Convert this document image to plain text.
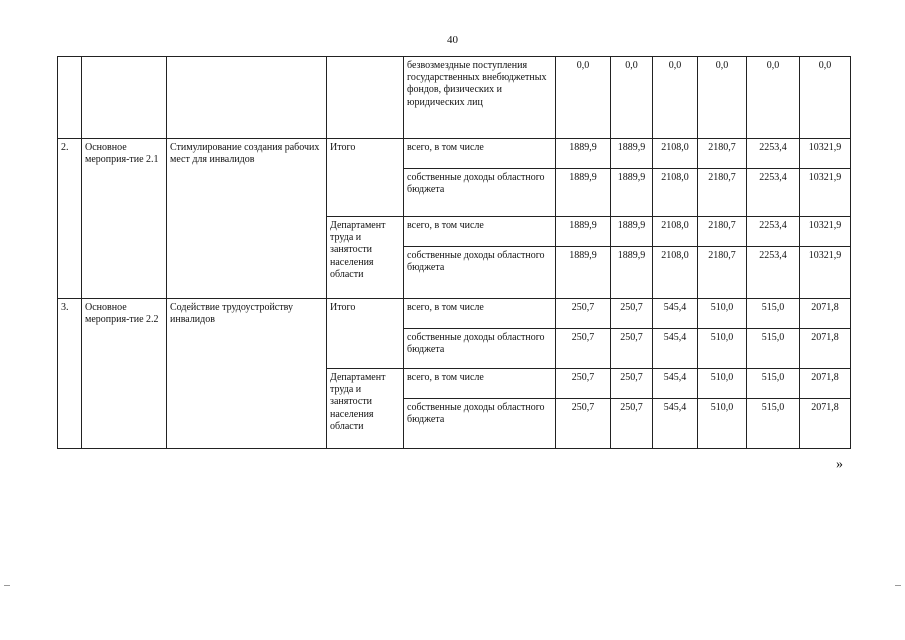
40
				безвозмездные поступления государственных внебюджетных фондов, физических и юридических лиц	0,0	0,0	0,0	0,0	0,0	0,0
2.	Основное мероприя-тие 2.1	Стимулирование создания рабочих мест для инвалидов	Итого	всего, в том числе	1889,9	1889,9	2108,0	2180,7	2253,4	10321,9
				собственные доходы областного бюджета	1889,9	1889,9	2108,0	2180,7	2253,4	10321,9
			Департамент труда и занятости населения области	всего, в том числе	1889,9	1889,9	2108,0	2180,7	2253,4	10321,9
				собственные доходы областного бюджета	1889,9	1889,9	2108,0	2180,7	2253,4	10321,9
3.	Основное мероприя-тие 2.2	Содействие трудоустройству инвалидов	Итого	всего, в том числе	250,7	250,7	545,4	510,0	515,0	2071,8
				собственные доходы областного бюджета	250,7	250,7	545,4	510,0	515,0	2071,8
			Департамент труда и занятости населения области	всего, в том числе	250,7	250,7	545,4	510,0	515,0	2071,8
				собственные доходы областного бюджета	250,7	250,7	545,4	510,0	515,0	2071,8
»
